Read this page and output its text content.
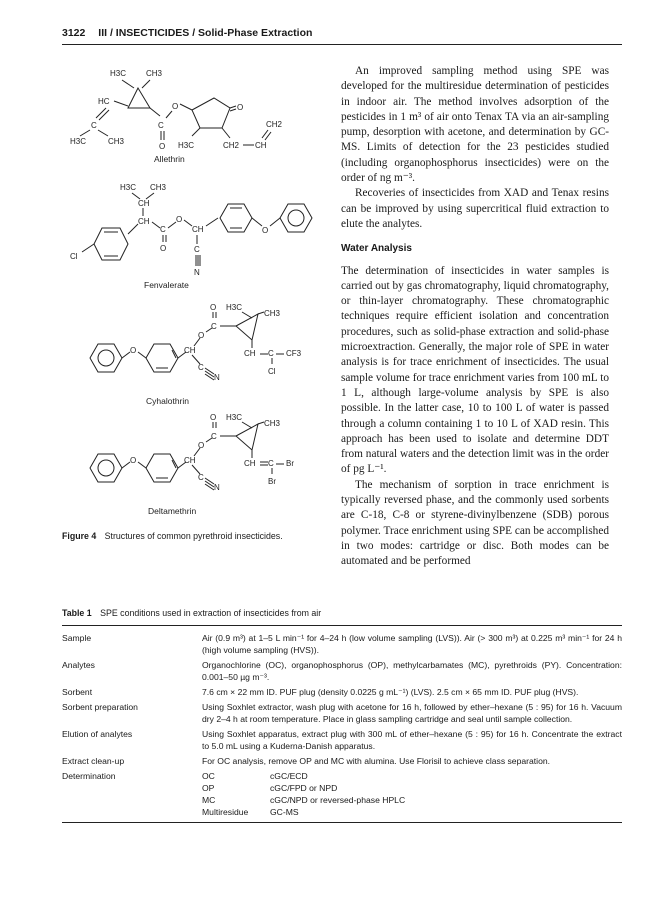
3122 III / INSECTICIDES / Solid-Phase Extraction
H3C CH3
HC
C
H3C	CH3
C
O
O	O
H3C	CH2 CH
CH2
Allethrin
H3C CH3
CH
CH
Cl
C
O
O
CH
C
N
O
Fenvalerate
O	CH
C
N
O
C
O H3C
CH3
CH C CF3
Cl
Cyhalothrin
O	CH
C
N
O
C
O H3C
CH3
CH C Br
Br
Deltamethrin
Figure 4 Structures of common pyrethroid insecticides.

An improved sampling method using SPE was developed for the multiresidue determination of pesticides in indoor air. The method involves adsorption of the pesticides in 1 m³ of air onto Tenax TA via an air-sampling pump, desorption with acetone, and determination by GC-MS. Limits of detection for the 23 pesticides studied (including organophosphorus insecticides) were on the order of ng m⁻³.

Recoveries of insecticides from XAD and Tenax resins can be improved by using supercritical fluid extraction to elute the analytes.

Water Analysis

The determination of insecticides in water samples is carried out by gas chromatography, liquid chromatography, or thin-layer chromatography. These chromatographic techniques require efficient isolation and concentration procedures, such as solid-phase extraction and solid-phase microextraction. Generally, the major role of SPE in water analysis is for trace enrichment of insecticides. The usual sample volume for trace enrichment varies from 100 mL to 1 L, although large-volume analysis by SPE is also possible. In the latter case, 10 to 100 L of water is passed through a column containing 1 to 10 L of XAD resin. This approach has been used to isolate and determine DDT from natural waters and the detection limit was in the order of pg L⁻¹.

The mechanism of sorption in trace enrichment is typically reversed phase, and the commonly used sorbents are C-18, C-8 or styrene-divinylbenzene (SDB) porous polymer. Trace enrichment using SPE can be accomplished in two modes: cartridge or disc. Both modes can be automated and be performed

Table 1 SPE conditions used in extraction of insecticides from air
Sample	Air (0.9 m³) at 1–5 L min⁻¹ for 4–24 h (low volume sampling (LVS)). Air (> 300 m³) at 0.225 m³ min⁻¹ for 24 h (high volume sampling (HVS)).
Analytes	Organochlorine (OC), organophosphorus (OP), methylcarbamates (MC), pyrethroids (PY). Concentration: 0.001–50 µg m⁻³.
Sorbent	7.6 cm × 22 mm ID. PUF plug (density 0.0225 g mL⁻¹) (LVS). 2.5 cm × 65 mm ID. PUF plug (HVS).
Sorbent preparation	Using Soxhlet extractor, wash plug with acetone for 16 h, followed by ether–hexane (5 : 95) for 16 h. Vacuum dry 2–4 h at room temperature. Place in glass sampling cartridge and seal until sample collection.
Elution of analytes	Using Soxhlet apparatus, extract plug with 300 mL of ether–hexane (5 : 95) for 16 h. Concentrate the extract to 5.0 mL using a Kuderna-Danish apparatus.
Extract clean-up	For OC analysis, remove OP and MC with alumina. Use Florisil to achieve class separation.
Determination	OC	cGC/ECD
OP	cGC/FPD or NPD
MC	cGC/NPD or reversed-phase HPLC
Multiresidue	GC-MS
